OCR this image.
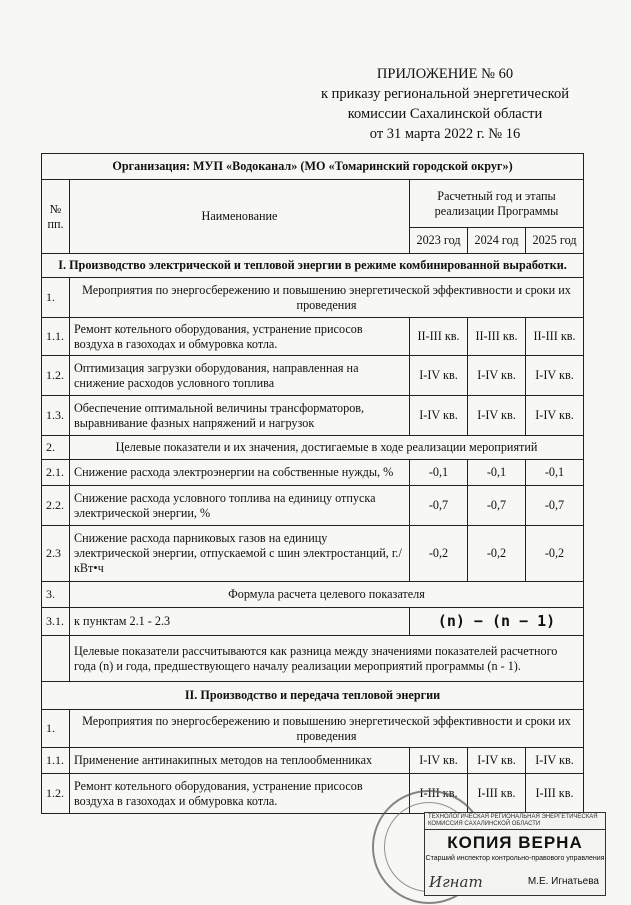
ПРИЛОЖЕНИЕ № 60
к приказу региональной энергетической
комиссии Сахалинской области
от 31 марта 2022 г. № 16
Организация: МУП «Водоканал» (МО «Томаринский городской округ»)				
№ пп.	Наименование	Расчетный год и этапы реализации Программы		
		2023 год	2024 год	2025 год
I. Производство электрической и тепловой энергии в режиме комбинированной выработки.				
1.	Мероприятия по энергосбережению и повышению энергетической эффективности и сроки их проведения			
1.1.	Ремонт котельного оборудования, устранение присосов воздуха в газоходах и обмуровка котла.	II-III кв.	II-III кв.	II-III кв.
1.2.	Оптимизация загрузки оборудования, направленная на снижение расходов условного топлива	I-IV кв.	I-IV кв.	I-IV кв.
1.3.	Обеспечение оптимальной величины трансформаторов, выравнивание фазных напряжений и нагрузок	I-IV кв.	I-IV кв.	I-IV кв.
2.	Целевые показатели и их значения, достигаемые в ходе реализации мероприятий			
2.1.	Снижение расхода электроэнергии на собственные нужды, %	-0,1	-0,1	-0,1
2.2.	Снижение расхода условного топлива на единицу отпуска электрической энергии, %	-0,7	-0,7	-0,7
2.3	Снижение расхода парниковых газов на единицу электрической энергии, отпускаемой с шин электростанций, г./кВт•ч	-0,2	-0,2	-0,2
3.	Формула расчета целевого показателя			
3.1.	к пунктам 2.1 - 2.3	(n) − (n − 1)		
	Целевые показатели рассчитываются как разница между значениями показателей расчетного года (n) и года, предшествующего началу реализации мероприятий программы (n - 1).			
II. Производство и передача тепловой энергии				
1.	Мероприятия по энергосбережению и повышению энергетической эффективности и сроки их проведения			
1.1.	Применение антинакипных методов на теплообменниках	I-IV кв.	I-IV кв.	I-IV кв.
1.2.	Ремонт котельного оборудования, устранение присосов воздуха в газоходах и обмуровка котла.	I-III кв.	I-III кв.	I-III кв.
ТЕХНОЛОГИЧЕСКАЯ РЕГИОНАЛЬНАЯ ЭНЕРГЕТИЧЕСКАЯ КОМИССИЯ САХАЛИНСКОЙ ОБЛАСТИ
КОПИЯ ВЕРНА
Старший инспектор контрольно-правового управления
Игнат	М.Е. Игнатьева
